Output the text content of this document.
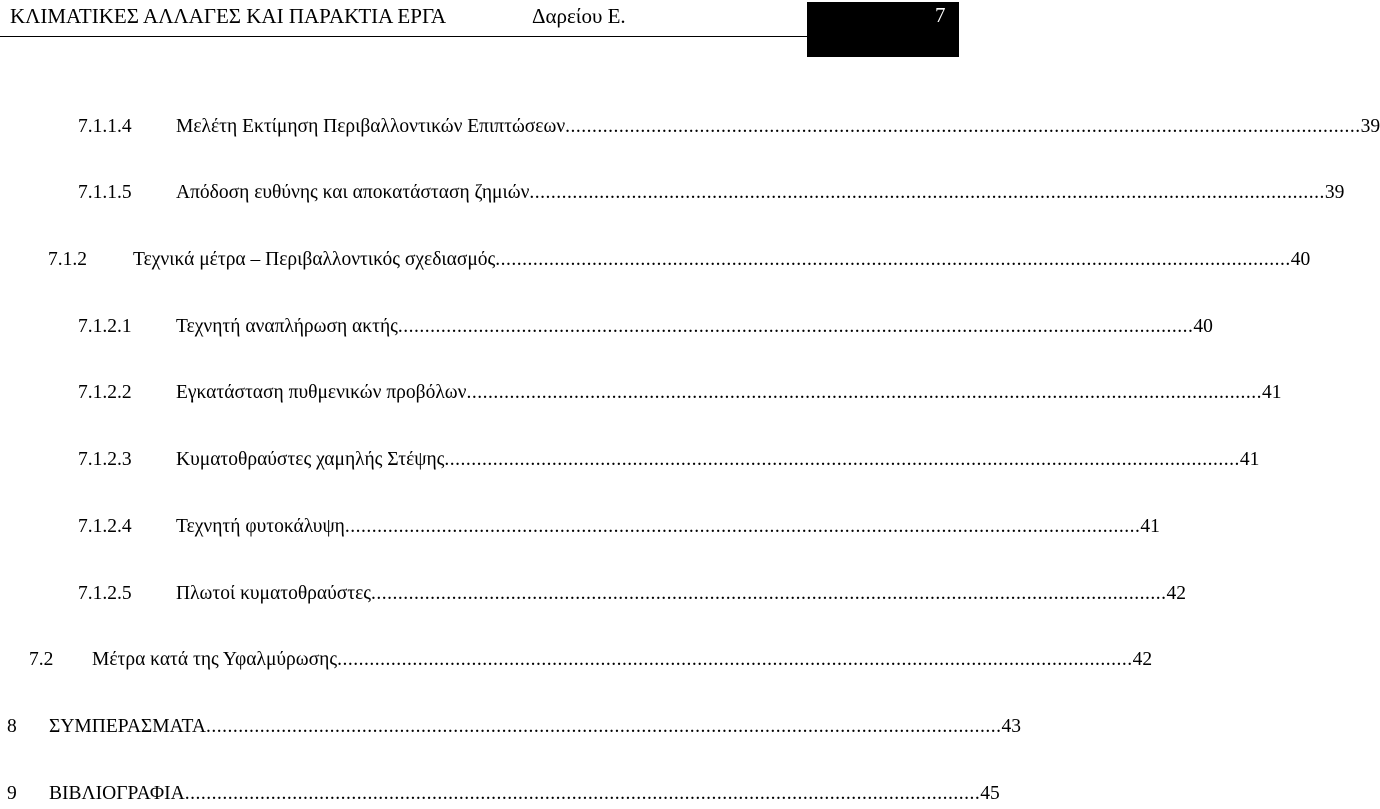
ΚΛΙΜΑΤΙΚΕΣ ΑΛΛΑΓΕΣ ΚΑΙ ΠΑΡΑΚΤΙΑ ΕΡΓΑ	Δαρείου Ε.	7
7.1.1.4	Μελέτη Εκτίμηση Περιβαλλοντικών Επιπτώσεων .................................................................................................................................................... 39
7.1.1.5	Απόδοση ευθύνης και αποκατάσταση ζημιών .................................................................................................................................................... 39
7.1.2	Τεχνικά μέτρα – Περιβαλλοντικός σχεδιασμός .................................................................................................................................................... 40
7.1.2.1	Τεχνητή αναπλήρωση ακτής .................................................................................................................................................... 40
7.1.2.2	Εγκατάσταση πυθμενικών προβόλων .................................................................................................................................................... 41
7.1.2.3	Κυματοθραύστες χαμηλής Στέψης .................................................................................................................................................... 41
7.1.2.4	Τεχνητή φυτοκάλυψη .................................................................................................................................................... 41
7.1.2.5	Πλωτοί κυματοθραύστες .................................................................................................................................................... 42
7.2	Μέτρα κατά της Υφαλμύρωσης .................................................................................................................................................... 42
8	ΣΥΜΠΕΡΑΣΜΑΤΑ .................................................................................................................................................... 43
9	ΒΙΒΛΙΟΓΡΑΦΙΑ .................................................................................................................................................... 45
